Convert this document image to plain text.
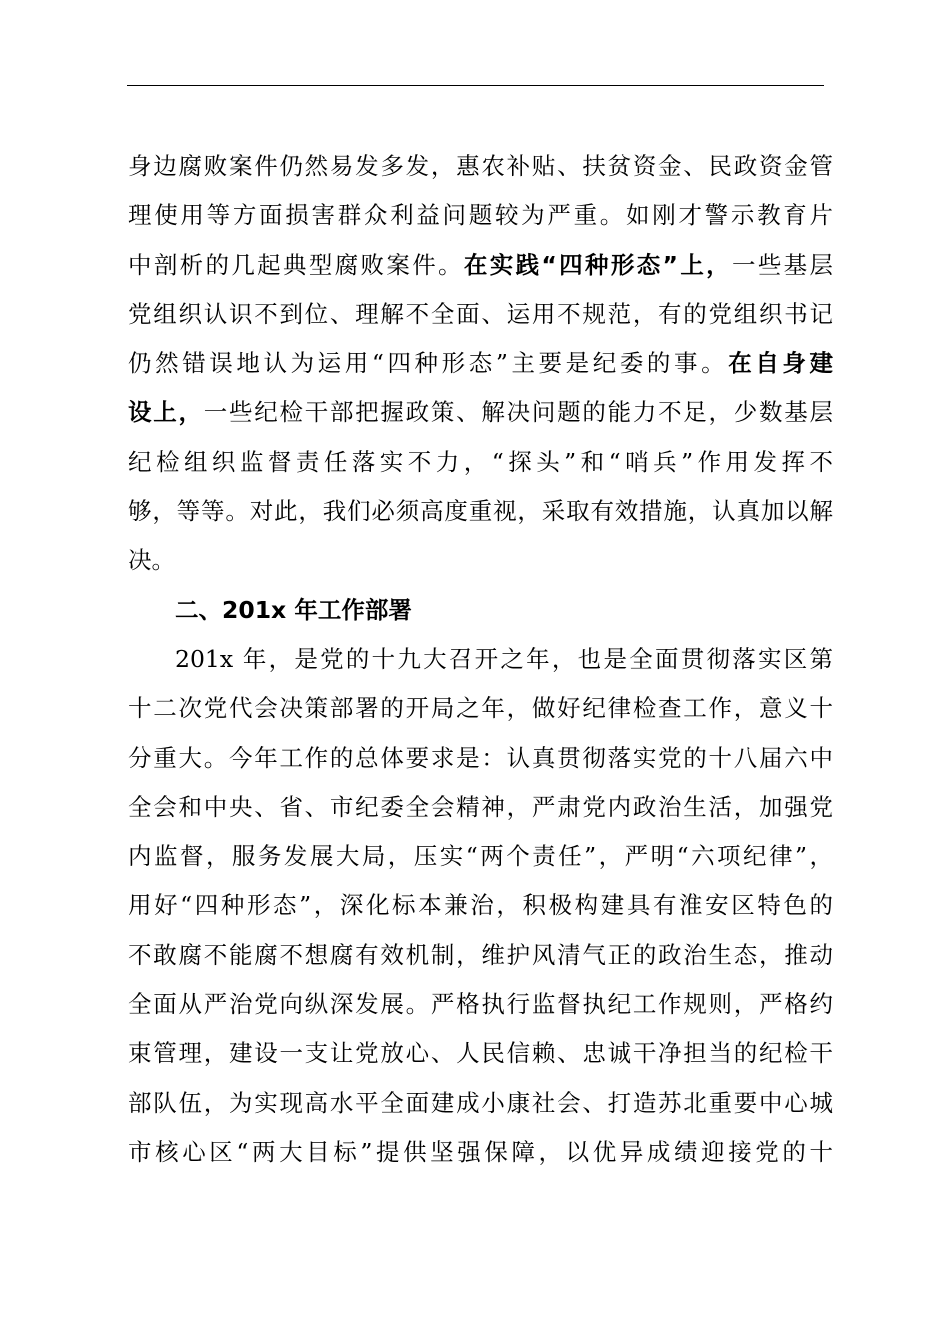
身边腐败案件仍然易发多发，惠农补贴、扶贫资金、民政资金管
理使用等方面损害群众利益问题较为严重。如刚才警示教育片
中剖析的几起典型腐败案件。在实践“四种形态”上，一些基层
党组织认识不到位、理解不全面、运用不规范，有的党组织书记
仍然错误地认为运用“四种形态”主要是纪委的事。在自身建
设上，一些纪检干部把握政策、解决问题的能力不足，少数基层
纪检组织监督责任落实不力，“探头”和“哨兵”作用发挥不
够，等等。对此，我们必须高度重视，采取有效措施，认真加以解
决。
二、201x 年工作部署
201x 年，是党的十九大召开之年，也是全面贯彻落实区第
十二次党代会决策部署的开局之年，做好纪律检查工作，意义十
分重大。今年工作的总体要求是：认真贯彻落实党的十八届六中
全会和中央、省、市纪委全会精神，严肃党内政治生活，加强党
内监督，服务发展大局，压实“两个责任”，严明“六项纪律”，
用好“四种形态”，深化标本兼治，积极构建具有淮安区特色的
不敢腐不能腐不想腐有效机制，维护风清气正的政治生态，推动
全面从严治党向纵深发展。严格执行监督执纪工作规则，严格约
束管理，建设一支让党放心、人民信赖、忠诚干净担当的纪检干
部队伍，为实现高水平全面建成小康社会、打造苏北重要中心城
市核心区“两大目标”提供坚强保障，以优异成绩迎接党的十
